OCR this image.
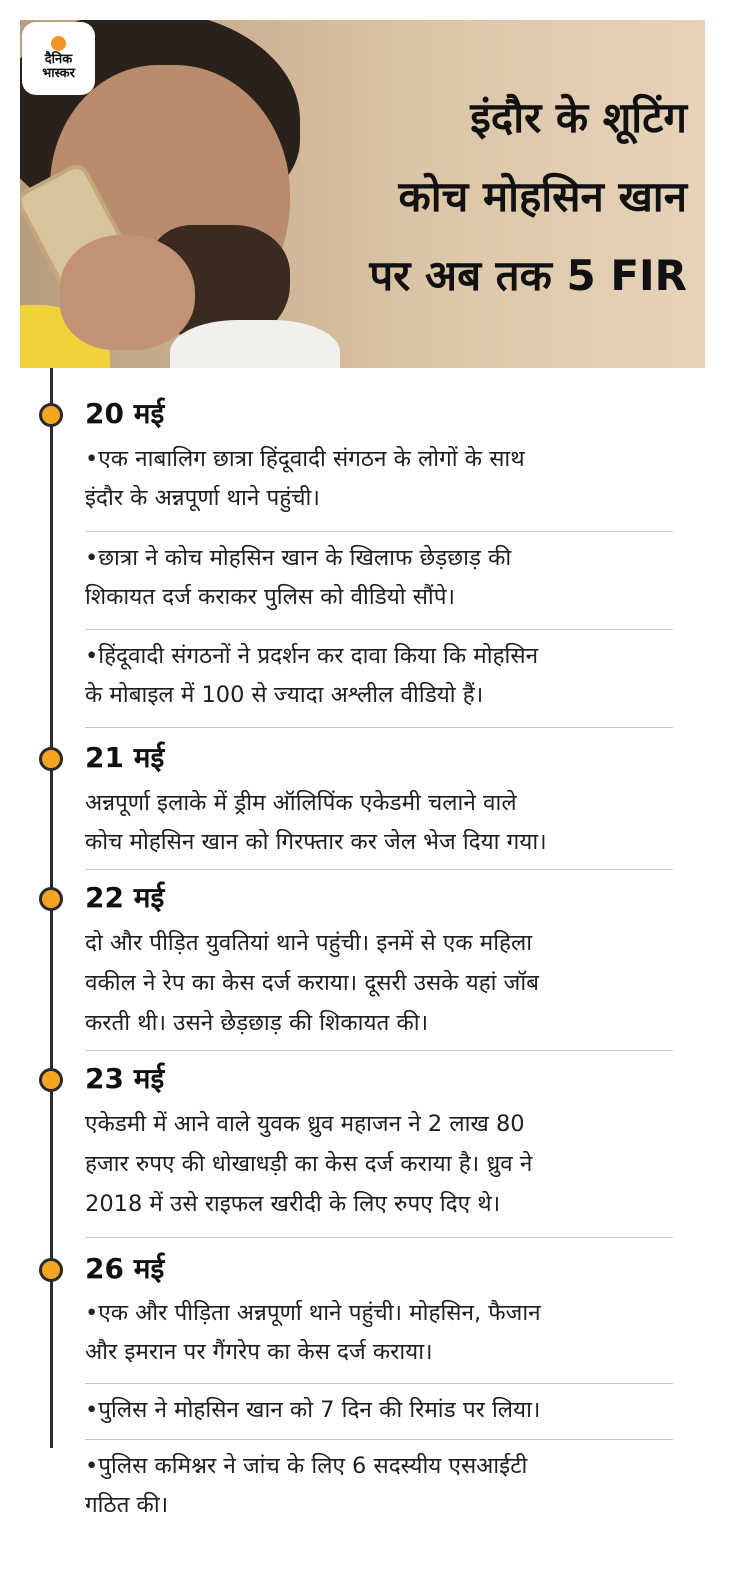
दैनिक
भास्कर
इंदौर के शूटिंग
कोच मोहसिन खान
पर अब तक 5 FIR
20 मई
• एक नाबालिग छात्रा हिंदूवादी संगठन के लोगों के साथ
इंदौर के अन्नपूर्णा थाने पहुंची।
• छात्रा ने कोच मोहसिन खान के खिलाफ छेड़छाड़ की
शिकायत दर्ज कराकर पुलिस को वीडियो सौंपे।
• हिंदूवादी संगठनों ने प्रदर्शन कर दावा किया कि मोहसिन
के मोबाइल में 100 से ज्यादा अश्लील वीडियो हैं।
21 मई
अन्नपूर्णा इलाके में ड्रीम ऑलिपिंक एकेडमी चलाने वाले
कोच मोहसिन खान को गिरफ्तार कर जेल भेज दिया गया।
22 मई
दो और पीड़ित युवतियां थाने पहुंची। इनमें से एक महिला
वकील ने रेप का केस दर्ज कराया। दूसरी उसके यहां जॉब
करती थी। उसने छेड़छाड़ की शिकायत की।
23 मई
एकेडमी में आने वाले युवक ध्रुव महाजन ने 2 लाख 80
हजार रुपए की धोखाधड़ी का केस दर्ज कराया है। ध्रुव ने
2018 में उसे राइफल खरीदी के लिए रुपए दिए थे।
26 मई
• एक और पीड़िता अन्नपूर्णा थाने पहुंची। मोहसिन, फैजान
और इमरान पर गैंगरेप का केस दर्ज कराया।
• पुलिस ने मोहसिन खान को 7 दिन की रिमांड पर लिया।
• पुलिस कमिश्नर ने जांच के लिए 6 सदस्यीय एसआईटी
गठित की।
